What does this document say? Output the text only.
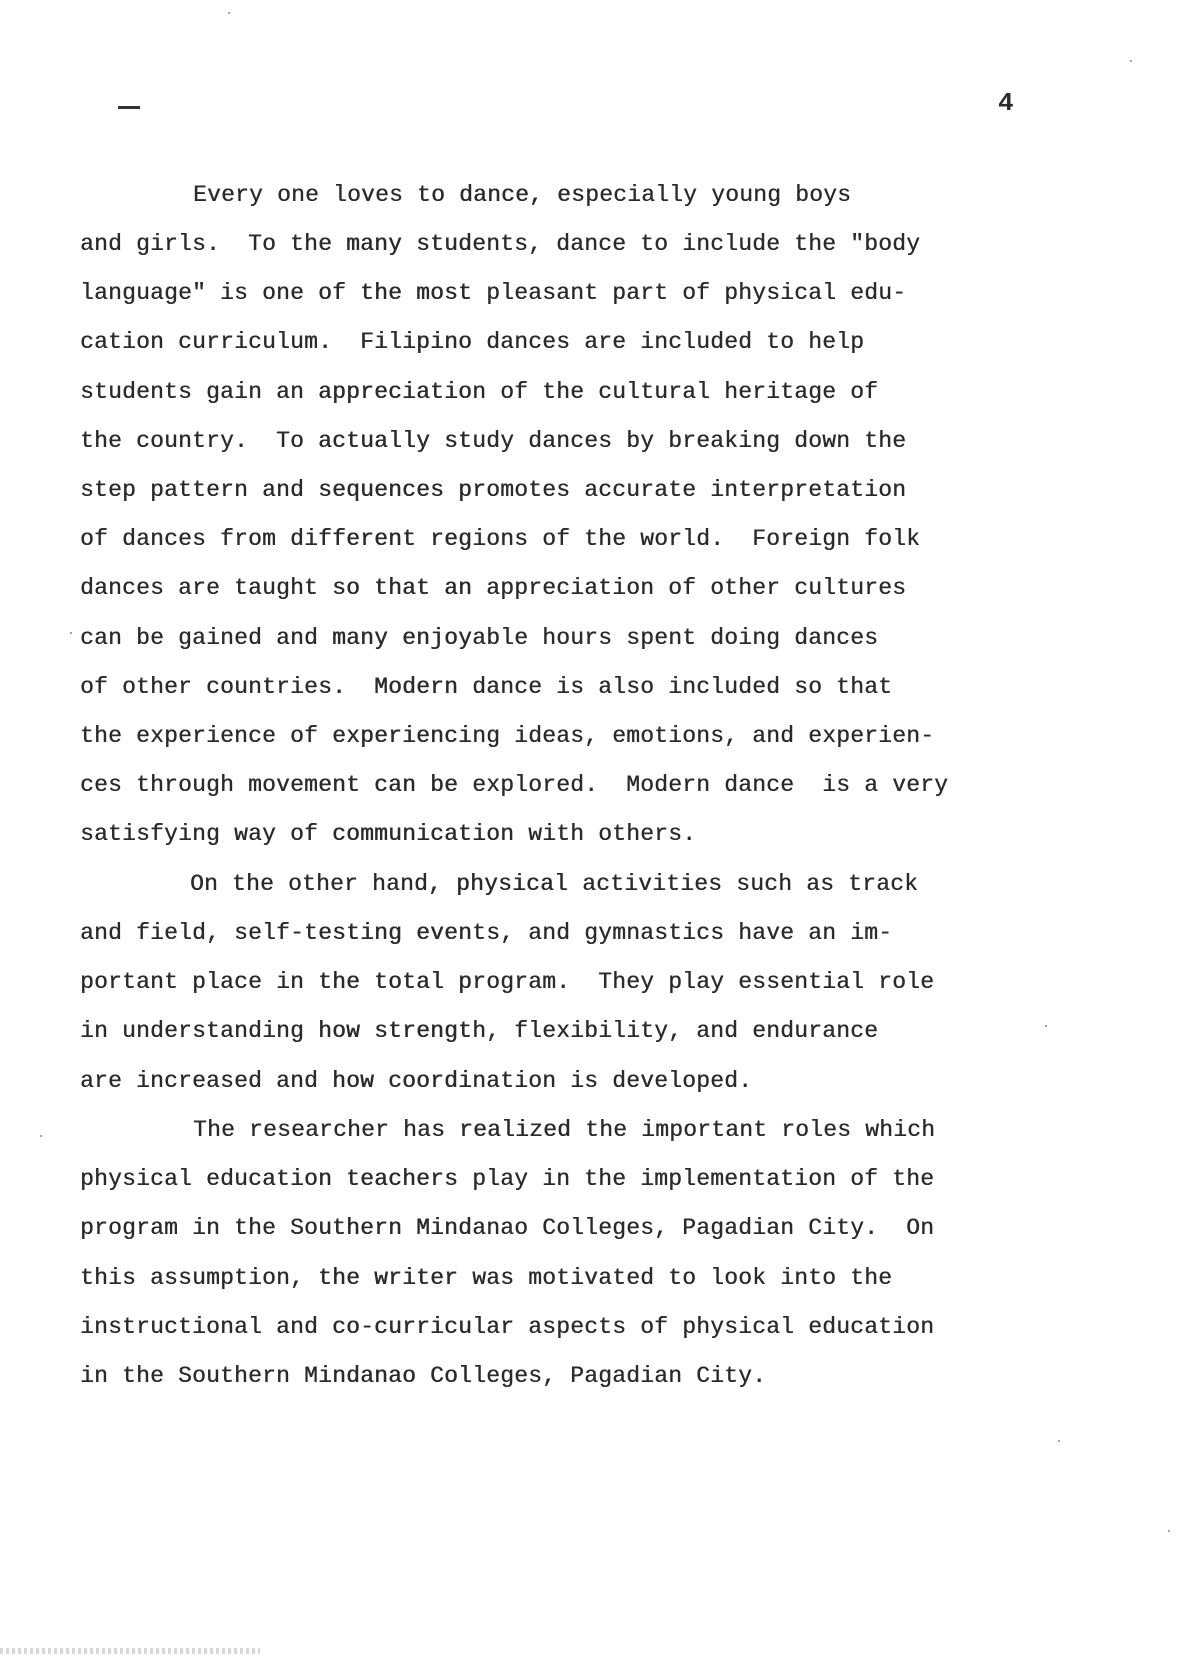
4
Every one loves to dance, especially young boys
and girls.  To the many students, dance to include the "body
language" is one of the most pleasant part of physical edu-
cation curriculum.  Filipino dances are included to help
students gain an appreciation of the cultural heritage of
the country.  To actually study dances by breaking down the
step pattern and sequences promotes accurate interpretation
of dances from different regions of the world.  Foreign folk
dances are taught so that an appreciation of other cultures
can be gained and many enjoyable hours spent doing dances
of other countries.  Modern dance is also included so that
the experience of experiencing ideas, emotions, and experien-
ces through movement can be explored.  Modern dance  is a very
satisfying way of communication with others.
On the other hand, physical activities such as track
and field, self-testing events, and gymnastics have an im-
portant place in the total program.  They play essential role
in understanding how strength, flexibility, and endurance
are increased and how coordination is developed.
The researcher has realized the important roles which
physical education teachers play in the implementation of the
program in the Southern Mindanao Colleges, Pagadian City.  On
this assumption, the writer was motivated to look into the
instructional and co-curricular aspects of physical education
in the Southern Mindanao Colleges, Pagadian City.
